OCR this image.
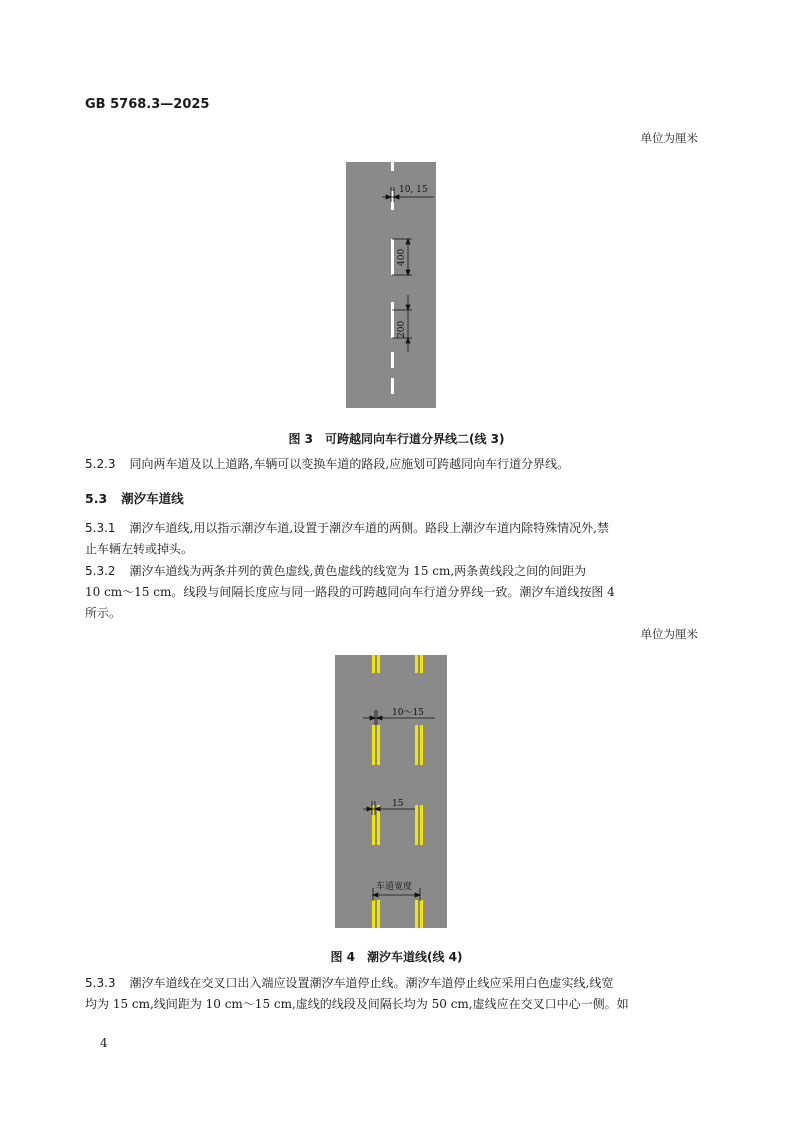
GB 5768.3—2025
单位为厘米
10, 15
400
200
图 3　可跨越同向车行道分界线二(线 3)
5.2.3 同向两车道及以上道路,车辆可以变换车道的路段,应施划可跨越同向车行道分界线。
5.3 潮汐车道线
5.3.1 潮汐车道线,用以指示潮汐车道,设置于潮汐车道的两侧。路段上潮汐车道内除特殊情况外,禁
止车辆左转或掉头。
5.3.2 潮汐车道线为两条并列的黄色虚线,黄色虚线的线宽为 15 cm,两条黄线段之间的间距为
10 cm～15 cm。线段与间隔长度应与同一路段的可跨越同向车行道分界线一致。潮汐车道线按图 4
所示。
单位为厘米
10～15
15
车道宽度
图 4　潮汐车道线(线 4)
5.3.3 潮汐车道线在交叉口出入端应设置潮汐车道停止线。潮汐车道停止线应采用白色虚实线,线宽
均为 15 cm,线间距为 10 cm～15 cm,虚线的线段及间隔长均为 50 cm,虚线应在交叉口中心一侧。如
4
